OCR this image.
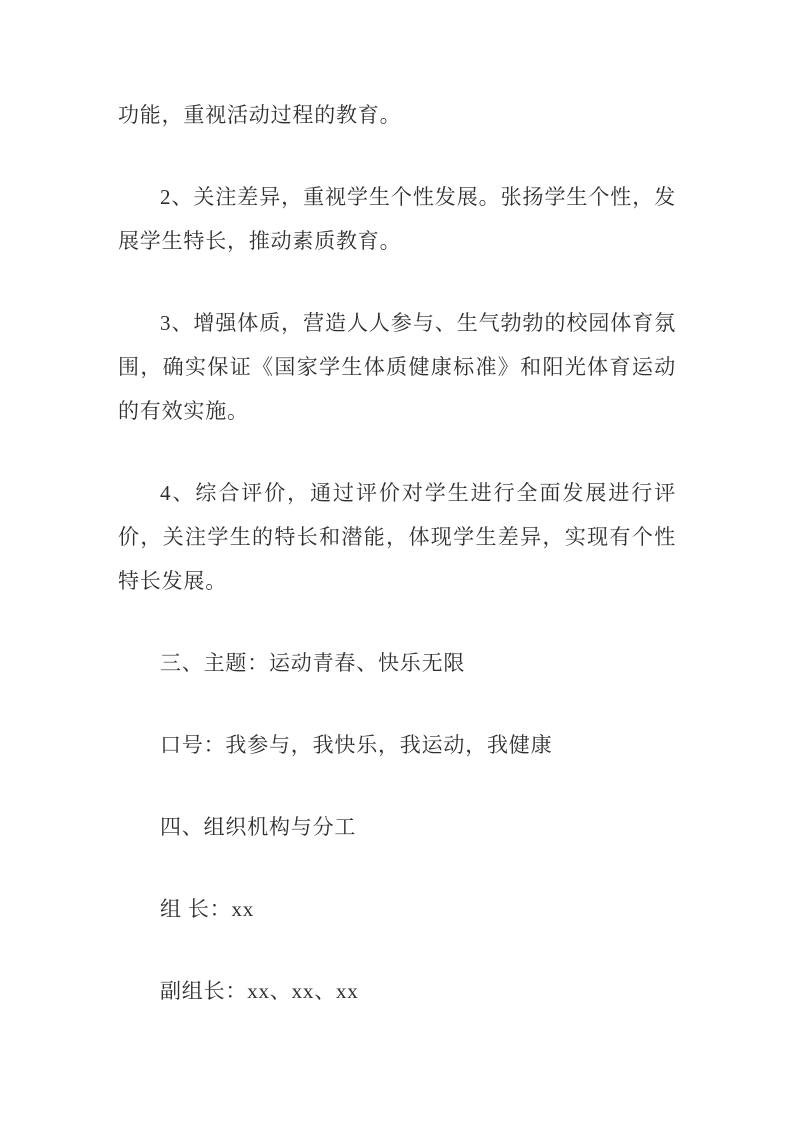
功能，重视活动过程的教育。

2、关注差异，重视学生个性发展。张扬学生个性，发展学生特长，推动素质教育。

3、增强体质，营造人人参与、生气勃勃的校园体育氛围，确实保证《国家学生体质健康标准》和阳光体育运动的有效实施。

4、综合评价，通过评价对学生进行全面发展进行评价，关注学生的特长和潜能，体现学生差异，实现有个性特长发展。

三、主题：运动青春、快乐无限

口号：我参与，我快乐，我运动，我健康

四、组织机构与分工

组 长：xx

副组长：xx、xx、xx
